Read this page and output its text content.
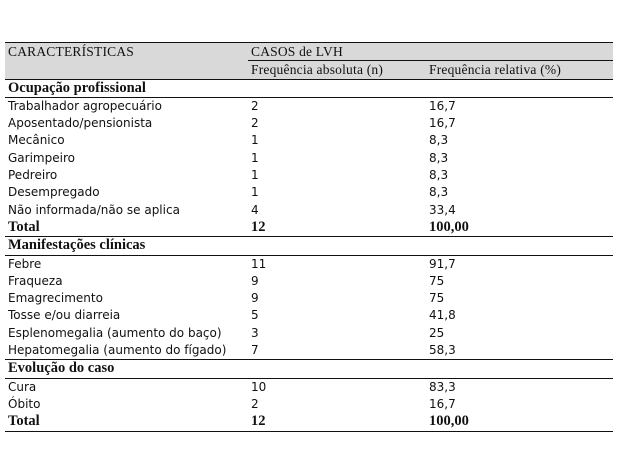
CARACTERÍSTICAS	CASOS de LVH	
	Frequência absoluta (n)	Frequência relativa (%)
Ocupação profissional		
Trabalhador agropecuário	2	16,7
Aposentado/pensionista	2	16,7
Mecânico	1	8,3
Garimpeiro	1	8,3
Pedreiro	1	8,3
Desempregado	1	8,3
Não informada/não se aplica	4	33,4
Total	12	100,00
Manifestações clínicas		
Febre	11	91,7
Fraqueza	9	75
Emagrecimento	9	75
Tosse e/ou diarreia	5	41,8
Esplenomegalia (aumento do baço)	3	25
Hepatomegalia (aumento do fígado)	7	58,3
Evolução do caso		
Cura	10	83,3
Óbito	2	16,7
Total	12	100,00
